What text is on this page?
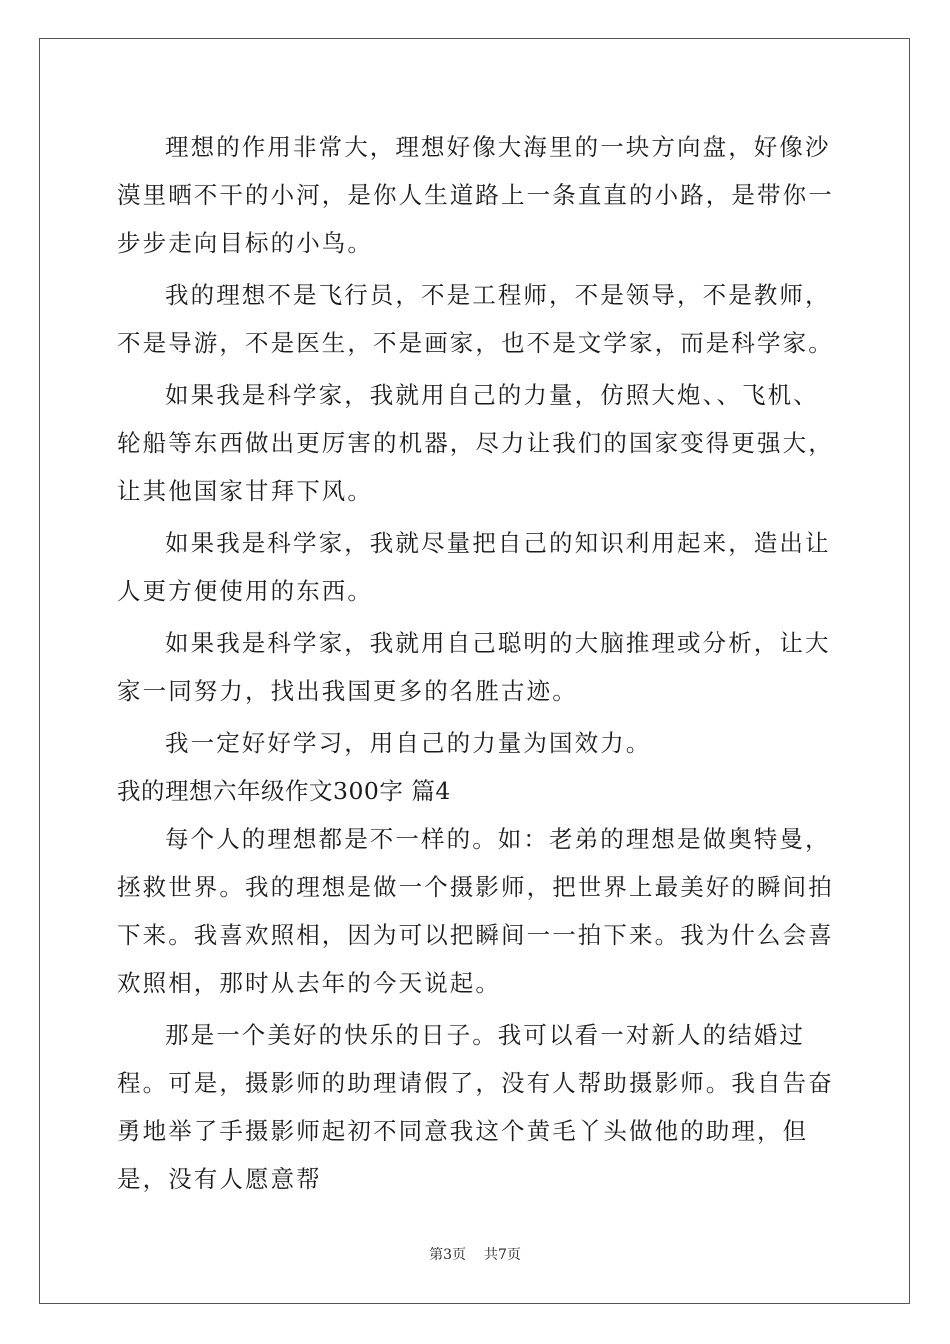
理想的作用非常大，理想好像大海里的一块方向盘，好像沙漠里晒不干的小河，是你人生道路上一条直直的小路，是带你一步步走向目标的小鸟。

我的理想不是飞行员，不是工程师，不是领导，不是教师，不是导游，不是医生，不是画家，也不是文学家，而是科学家。

如果我是科学家，我就用自己的力量，仿照大炮、、飞机、轮船等东西做出更厉害的机器，尽力让我们的国家变得更强大，让其他国家甘拜下风。

如果我是科学家，我就尽量把自己的知识利用起来，造出让人更方便使用的东西。

如果我是科学家，我就用自己聪明的大脑推理或分析，让大家一同努力，找出我国更多的名胜古迹。

我一定好好学习，用自己的力量为国效力。

我的理想六年级作文300字 篇4

每个人的理想都是不一样的。如：老弟的理想是做奥特曼，拯救世界。我的理想是做一个摄影师，把世界上最美好的瞬间拍下来。我喜欢照相，因为可以把瞬间一一拍下来。我为什么会喜欢照相，那时从去年的今天说起。

那是一个美好的快乐的日子。我可以看一对新人的结婚过程。可是，摄影师的助理请假了，没有人帮助摄影师。我自告奋勇地举了手摄影师起初不同意我这个黄毛丫头做他的助理，但是，没有人愿意帮

第3页 共7页
